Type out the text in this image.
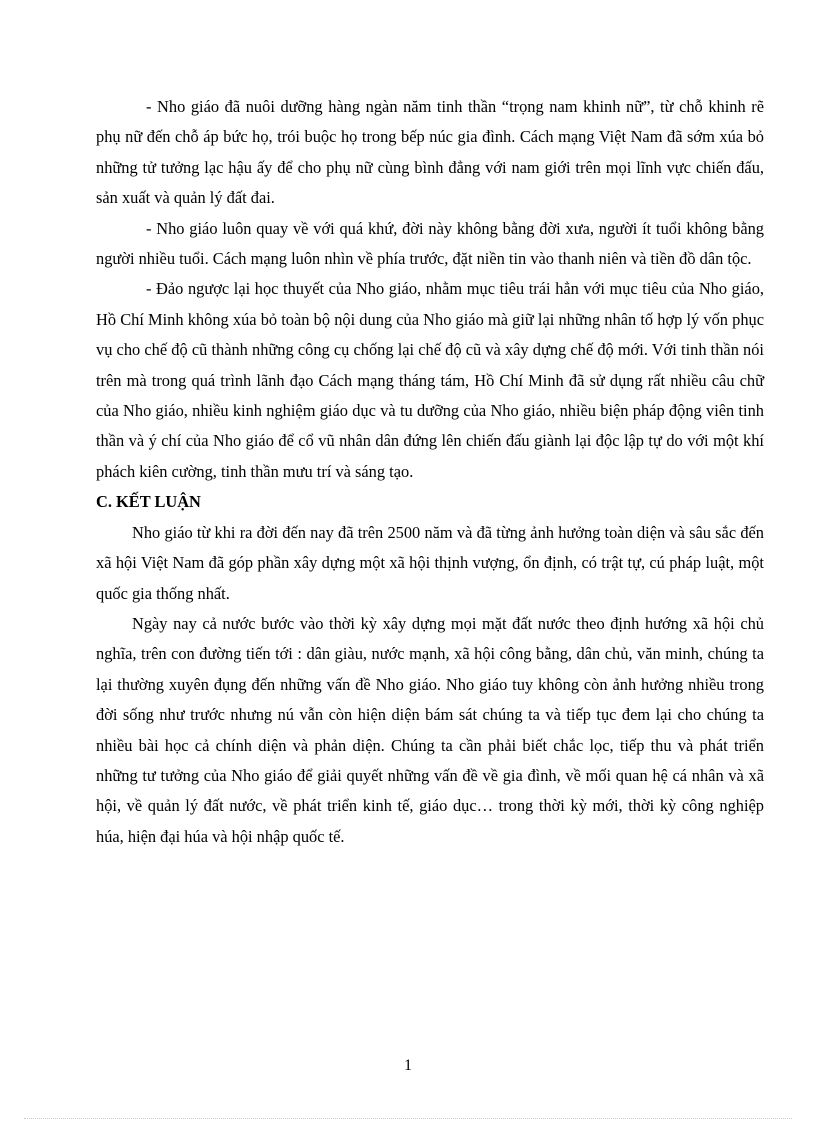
- Nho giáo đã nuôi dưỡng hàng ngàn năm tinh thần “trọng nam khinh nữ”, từ chỗ khinh rẽ phụ nữ đến chỗ áp bức họ, trói buộc họ trong bếp núc gia đình. Cách mạng Việt Nam đã sớm xúa bỏ những tử tưởng lạc hậu ấy để cho phụ nữ cùng bình đẳng với nam giới trên mọi lĩnh vực chiến đấu, sản xuất và quản lý đất đai.

- Nho giáo luôn quay về với quá khứ, đời này không bằng đời xưa, người ít tuổi không bằng người nhiều tuổi. Cách mạng luôn nhìn về phía trước, đặt niền tin vào thanh niên và tiền đồ dân tộc.

- Đảo ngược lại học thuyết của Nho giáo, nhằm mục tiêu trái hẳn với mục tiêu của Nho giáo, Hồ Chí Minh không xúa bỏ toàn bộ nội dung của Nho giáo mà giữ lại những nhân tố hợp lý vốn phục vụ cho chế độ cũ thành những công cụ chống lại chế độ cũ và xây dựng chế độ mới. Với tinh thần nói trên mà trong quá trình lãnh đạo Cách mạng tháng tám, Hồ Chí Minh đã sử dụng rất nhiều câu chữ của Nho giáo, nhiều kinh nghiệm giáo dục và tu dưỡng của Nho giáo, nhiều biện pháp động viên tinh thần và ý chí của Nho giáo để cổ vũ nhân dân đứng lên chiến đấu giành lại độc lập tự do với một khí phách kiên cường, tinh thần mưu trí và sáng tạo.

C. KẾT LUẬN

Nho giáo từ khi ra đời đến nay đã trên 2500 năm và đã từng ảnh hưởng toàn diện và sâu sắc đến xã hội Việt Nam đã góp phần xây dựng một xã hội thịnh vượng, ổn định, có trật tự, cú pháp luật, một quốc gia thống nhất.

Ngày nay cả nước bước vào thời kỳ xây dựng mọi mặt đất nước theo định hướng xã hội chủ nghĩa, trên con đường tiến tới : dân giàu, nước mạnh, xã hội công bằng, dân chủ, văn minh, chúng ta lại thường xuyên đụng đến những vấn đề Nho giáo. Nho giáo tuy không còn ảnh hưởng nhiều trong đời sống như trước nhưng nú vẫn còn hiện diện bám sát chúng ta và tiếp tục đem lại cho chúng ta nhiều bài học cả chính diện và phản diện. Chúng ta cần phải biết chắc lọc, tiếp thu và phát triển những tư tưởng của Nho giáo để giải quyết những vấn đề về gia đình, về mối quan hệ cá nhân và xã hội, về quản lý đất nước, về phát triển kinh tế, giáo dục… trong thời kỳ mới, thời kỳ công nghiệp húa, hiện đại húa và hội nhập quốc tế.

1
